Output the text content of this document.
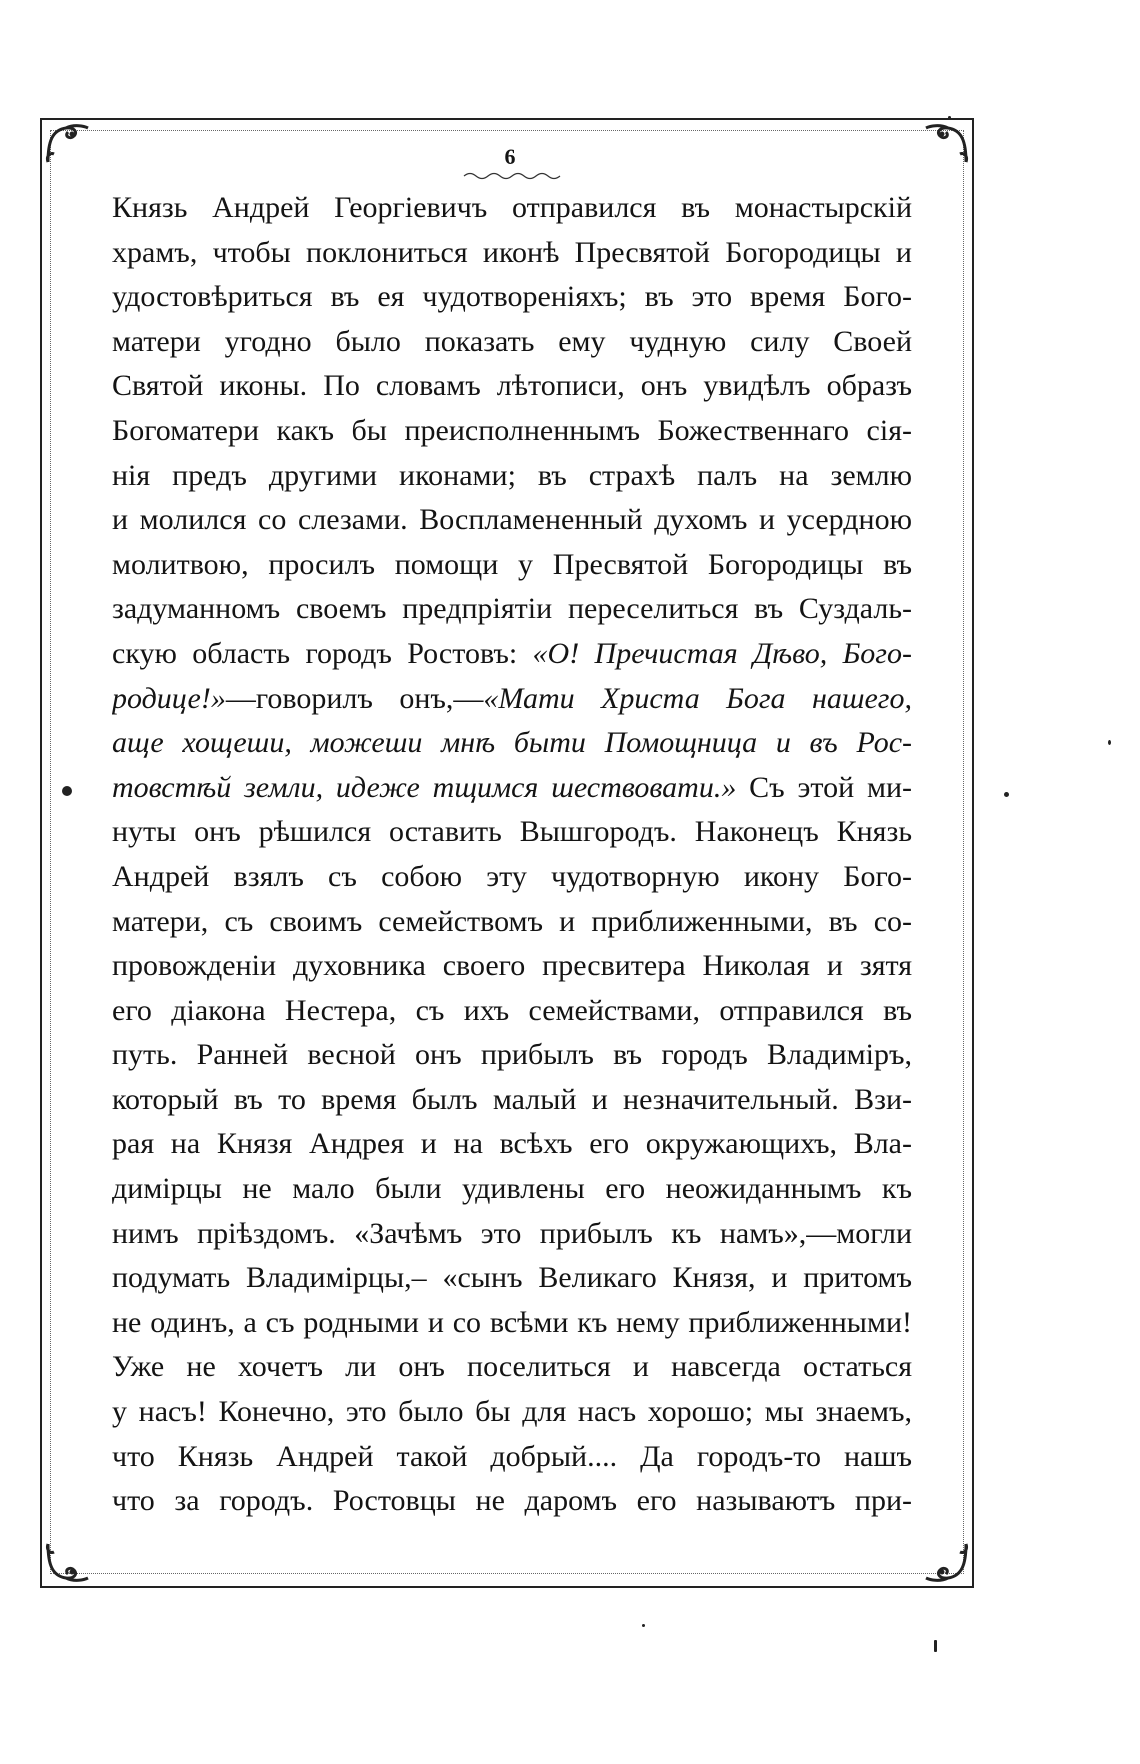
6
Князь Андрей Георгіевичъ отправился въ монастырскій
храмъ, чтобы поклониться иконѣ Пресвятой Богородицы и
удостовѣриться въ ея чудотвореніяхъ; въ это время Бого-
матери угодно было показать ему чудную силу Своей
Святой иконы. По словамъ лѣтописи, онъ увидѣлъ образъ
Богоматери какъ бы преисполненнымъ Божественнаго сія-
нія предъ другими иконами; въ страхѣ палъ на землю
и молился со слезами. Воспламененный духомъ и усердною
молитвою, просилъ помощи у Пресвятой Богородицы въ
задуманномъ своемъ предпріятіи переселиться въ Суздаль-
скую область городъ Ростовъ: «О! Пречистая Дѣво, Бого-
родице!»—говорилъ онъ,—«Мати Христа Бога нашего,
аще хощеши, можеши мнѣ быти Помощница и въ Рос-
товстѣй земли, идеже тщимся шествовати.» Съ этой ми-
нуты онъ рѣшился оставить Вышгородъ. Наконецъ Князь
Андрей взялъ съ собою эту чудотворную икону Бого-
матери, съ своимъ семействомъ и приближенными, въ со-
провожденіи духовника своего пресвитера Николая и зятя
его діакона Нестера, съ ихъ семействами, отправился въ
путь. Ранней весной онъ прибылъ въ городъ Владиміръ,
который въ то время былъ малый и незначительный. Взи-
рая на Князя Андрея и на всѣхъ его окружающихъ, Вла-
димірцы не мало были удивлены его неожиданнымъ къ
нимъ пріѣздомъ. «Зачѣмъ это прибылъ къ намъ»,—могли
подумать Владимірцы,– «сынъ Великаго Князя, и притомъ
не одинъ, а съ родными и со всѣми къ нему приближенными!
Уже не хочетъ ли онъ поселиться и навсегда остаться
у насъ! Конечно, это было бы для насъ хорошо; мы знаемъ,
что Князь Андрей такой добрый.... Да городъ-то нашъ
что за городъ. Ростовцы не даромъ его называютъ при-
